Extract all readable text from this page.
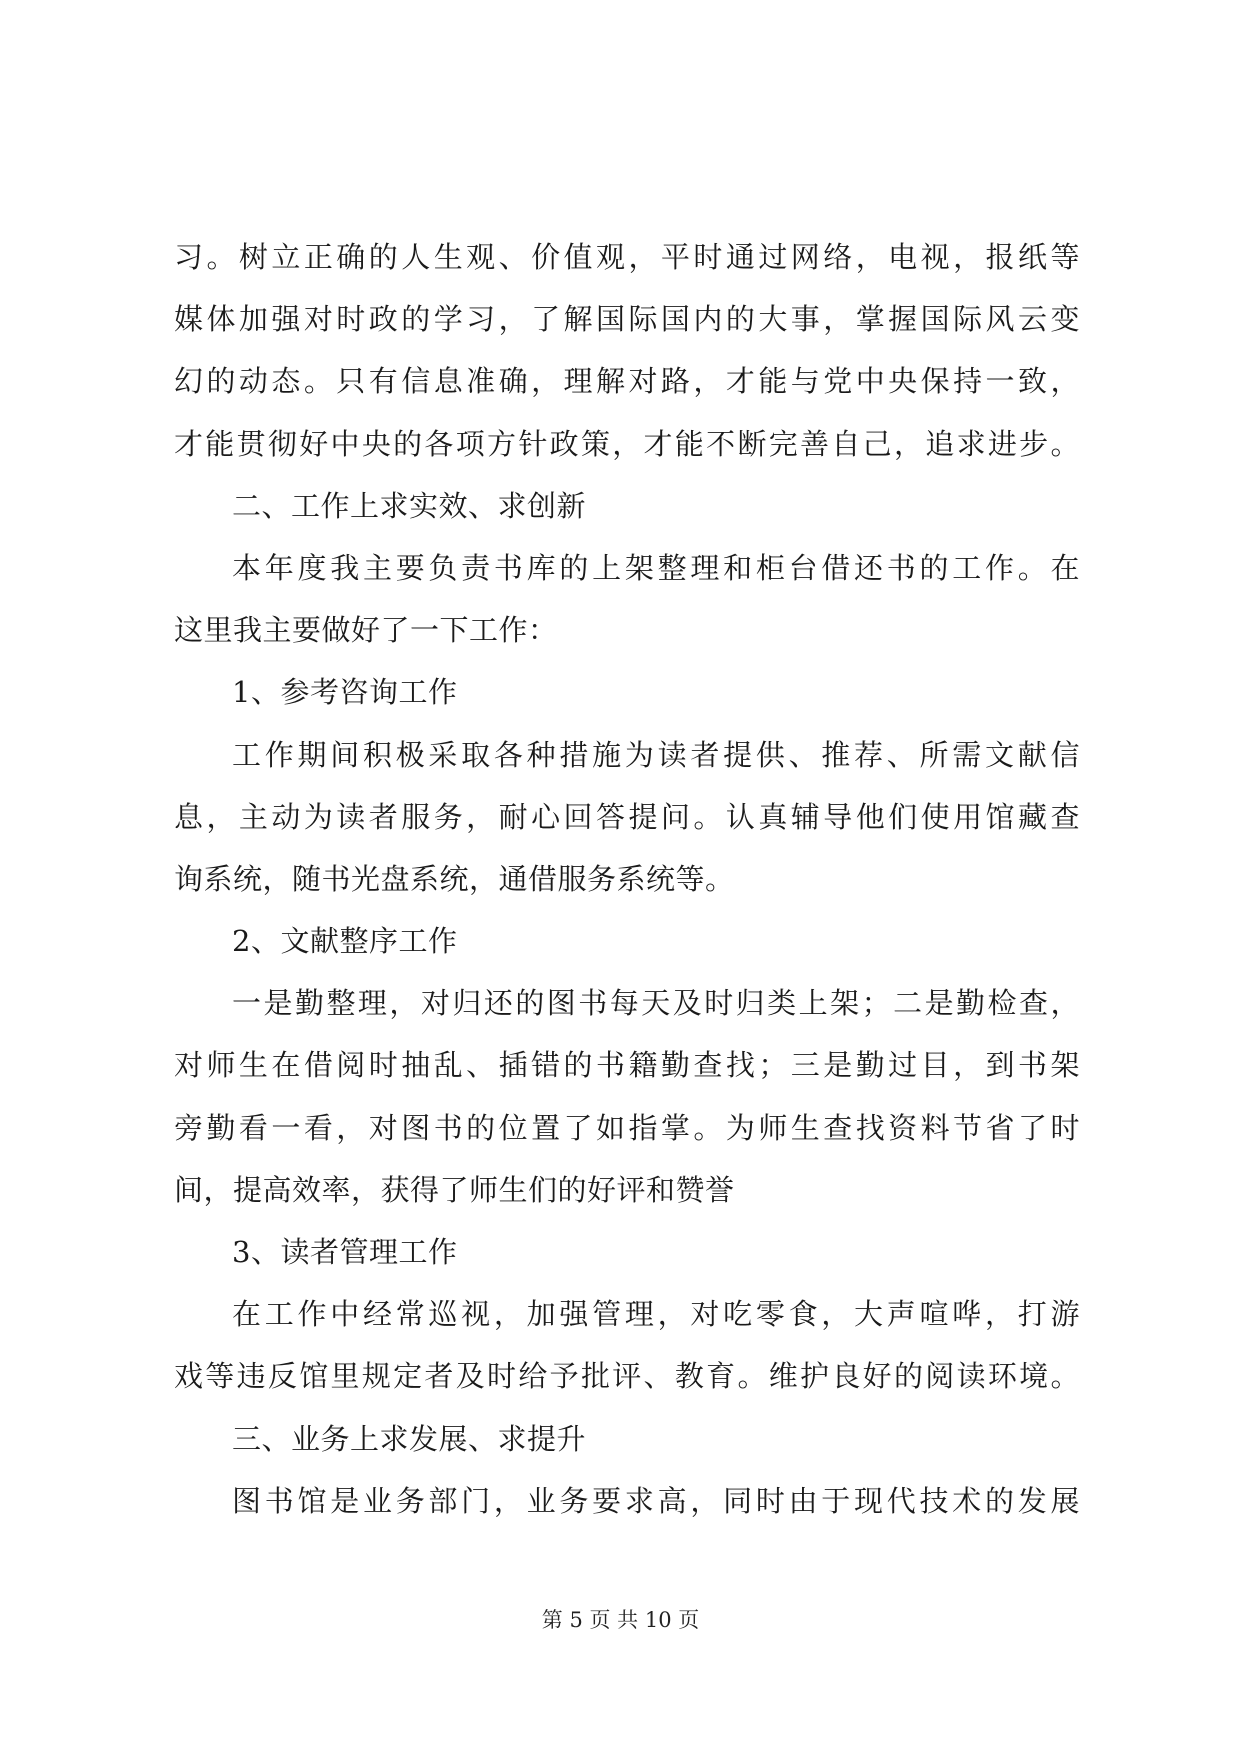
习。树立正确的人生观、价值观，平时通过网络，电视，报纸等
媒体加强对时政的学习，了解国际国内的大事，掌握国际风云变
幻的动态。只有信息准确，理解对路，才能与党中央保持一致，
才能贯彻好中央的各项方针政策，才能不断完善自己，追求进步。
二、工作上求实效、求创新
本年度我主要负责书库的上架整理和柜台借还书的工作。在
这里我主要做好了一下工作：
1、参考咨询工作
工作期间积极采取各种措施为读者提供、推荐、所需文献信
息，主动为读者服务，耐心回答提问。认真辅导他们使用馆藏查
询系统，随书光盘系统，通借服务系统等。
2、文献整序工作
一是勤整理，对归还的图书每天及时归类上架；二是勤检查，
对师生在借阅时抽乱、插错的书籍勤查找；三是勤过目，到书架
旁勤看一看，对图书的位置了如指掌。为师生查找资料节省了时
间，提高效率，获得了师生们的好评和赞誉
3、读者管理工作
在工作中经常巡视，加强管理，对吃零食，大声喧哗，打游
戏等违反馆里规定者及时给予批评、教育。维护良好的阅读环境。
三、业务上求发展、求提升
图书馆是业务部门，业务要求高，同时由于现代技术的发展
第 5 页 共 10 页
